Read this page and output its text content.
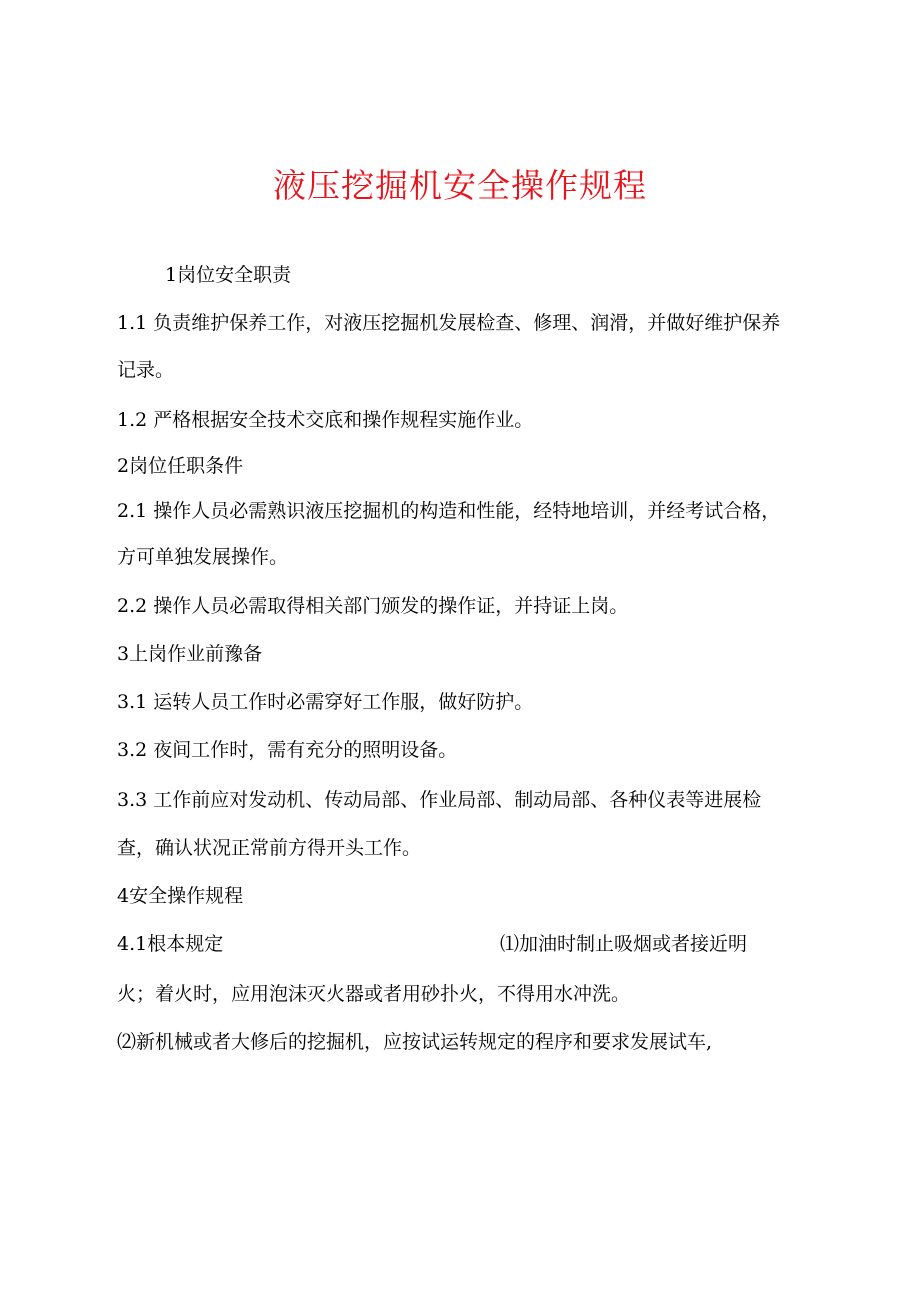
液压挖掘机安全操作规程
1岗位安全职责
1.1 负责维护保养工作，对液压挖掘机发展检查、修理、润滑，并做好维护保养
记录。
1.2 严格根据安全技术交底和操作规程实施作业。
2岗位任职条件
2.1 操作人员必需熟识液压挖掘机的构造和性能，经特地培训，并经考试合格，
方可单独发展操作。
2.2 操作人员必需取得相关部门颁发的操作证，并持证上岗。
3上岗作业前豫备
3.1 运转人员工作时必需穿好工作服，做好防护。
3.2 夜间工作时，需有充分的照明设备。
3.3 工作前应对发动机、传动局部、作业局部、制动局部、各种仪表等进展检
查，确认状况正常前方得开头工作。
4安全操作规程
4.1根本规定	⑴加油时制止吸烟或者接近明
火；着火时，应用泡沫灭火器或者用砂扑火，不得用水冲洗。
⑵新机械或者大修后的挖掘机，应按试运转规定的程序和要求发展试车,
